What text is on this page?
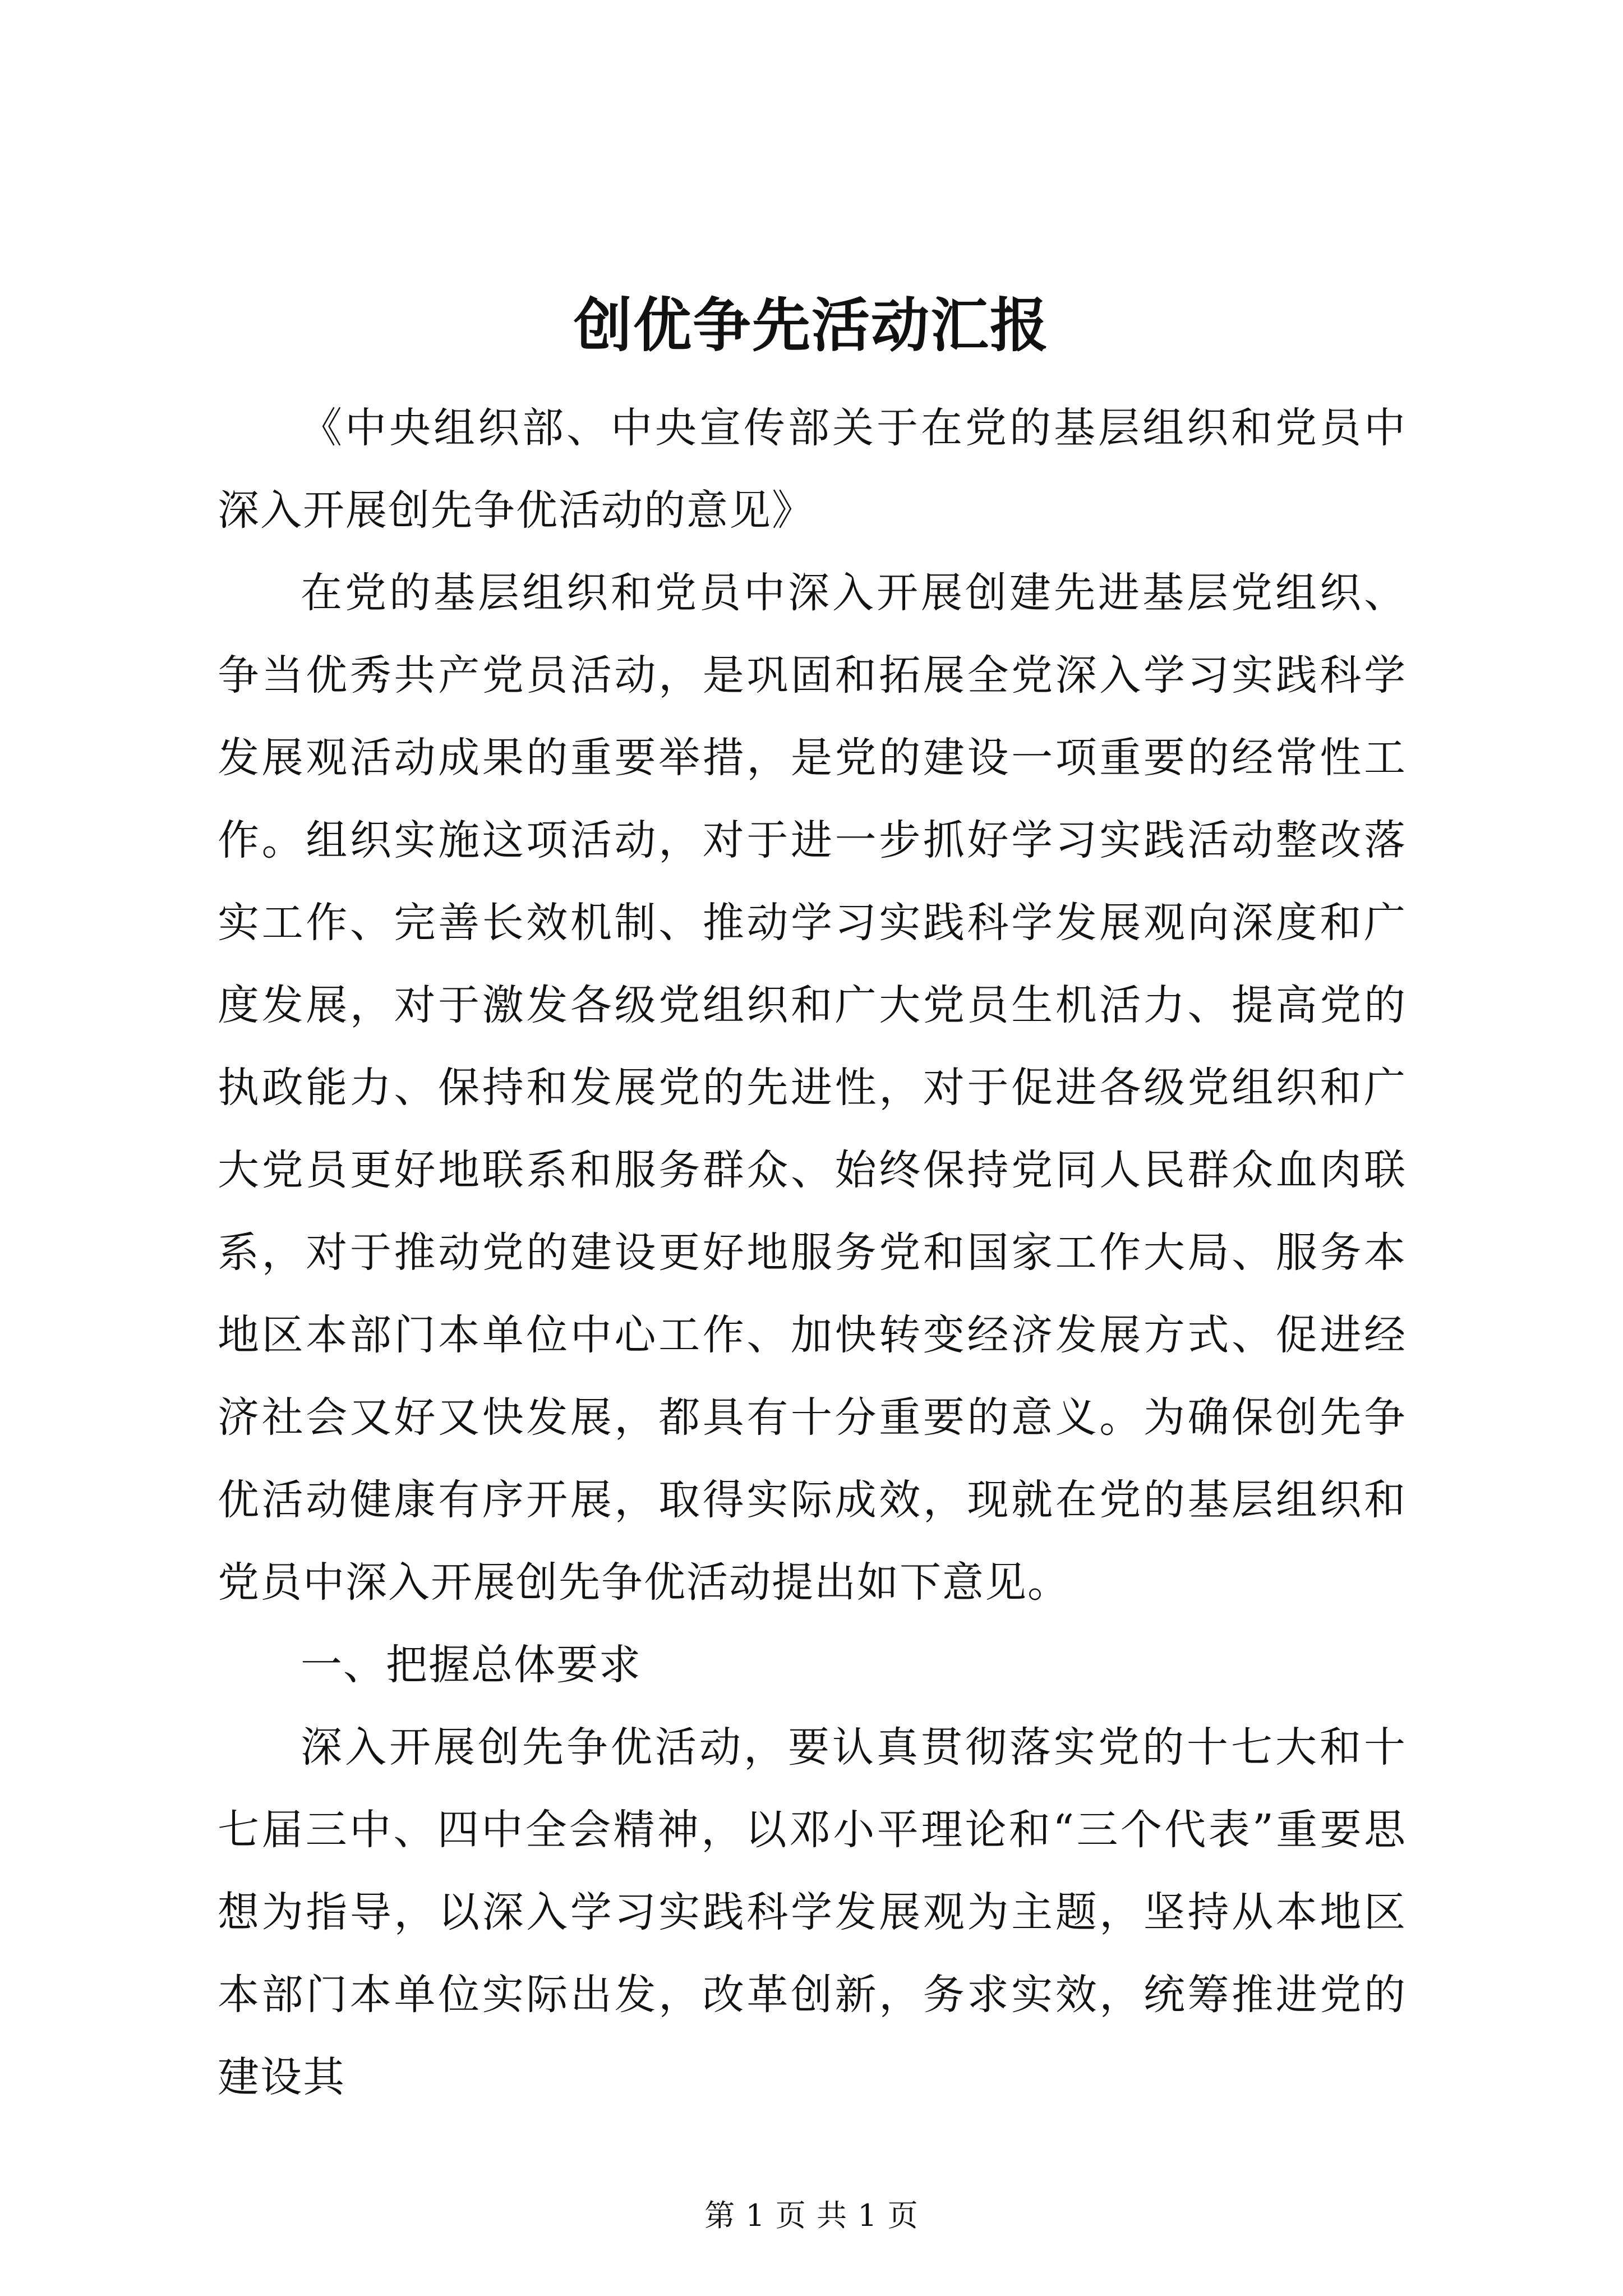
创优争先活动汇报

《中央组织部、中央宣传部关于在党的基层组织和党员中深入开展创先争优活动的意见》

在党的基层组织和党员中深入开展创建先进基层党组织、争当优秀共产党员活动，是巩固和拓展全党深入学习实践科学发展观活动成果的重要举措，是党的建设一项重要的经常性工作。组织实施这项活动，对于进一步抓好学习实践活动整改落实工作、完善长效机制、推动学习实践科学发展观向深度和广度发展，对于激发各级党组织和广大党员生机活力、提高党的执政能力、保持和发展党的先进性，对于促进各级党组织和广大党员更好地联系和服务群众、始终保持党同人民群众血肉联系，对于推动党的建设更好地服务党和国家工作大局、服务本地区本部门本单位中心工作、加快转变经济发展方式、促进经济社会又好又快发展，都具有十分重要的意义。为确保创先争优活动健康有序开展，取得实际成效，现就在党的基层组织和党员中深入开展创先争优活动提出如下意见。

一、把握总体要求

深入开展创先争优活动，要认真贯彻落实党的十七大和十七届三中、四中全会精神，以邓小平理论和“三个代表”重要思想为指导，以深入学习实践科学发展观为主题，坚持从本地区本部门本单位实际出发，改革创新，务求实效，统筹推进党的建设其

第 1 页 共 1 页
